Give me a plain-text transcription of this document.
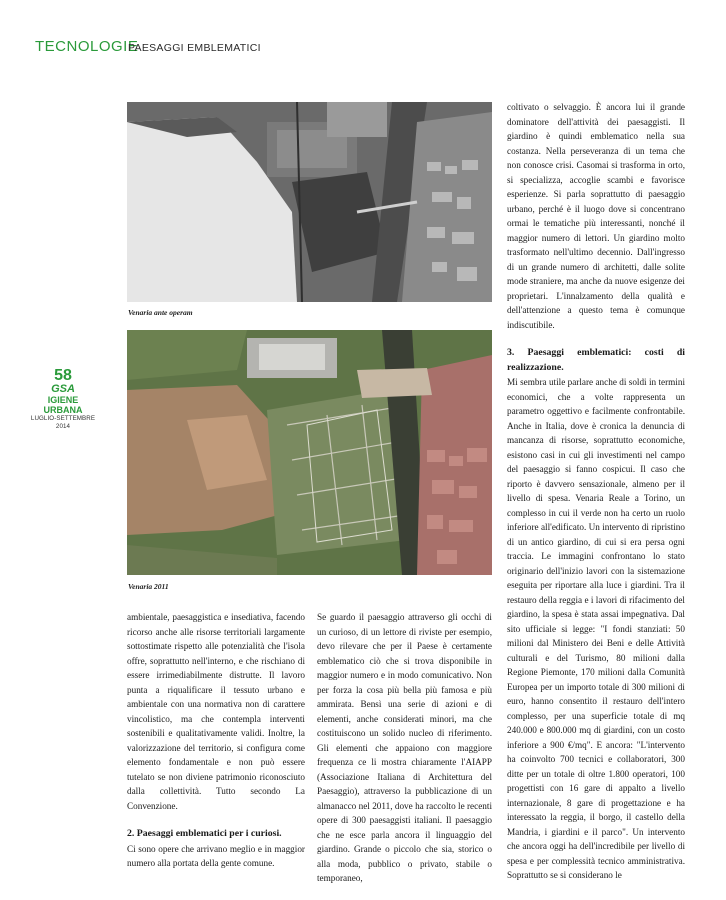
TECNOLOGIE
PAESAGGI EMBLEMATICI
58
GSA
IGIENE URBANA
LUGLIO-SETTEMBRE 2014
Venaria ante operam
Venaria 2011

ambientale, paesaggistica e insediativa, facendo ricorso anche alle risorse territoriali largamente sottostimate rispetto alle potenzialità che l'isola offre, soprattutto nell'interno, e che rischiano di essere irrimediabilmente distrutte. Il lavoro punta a riqualificare il tessuto urbano e ambientale con una normativa non di carattere vincolistico, ma che contempla interventi sostenibili e qualitativamente validi. Inoltre, la valorizzazione del territorio, si configura come elemento fondamentale e non può essere tutelato se non diviene patrimonio riconosciuto dalla collettività. Tutto secondo La Convenzione.

2. Paesaggi emblematici per i curiosi.

Ci sono opere che arrivano meglio e in maggior numero alla portata della gente comune.

Se guardo il paesaggio attraverso gli occhi di un curioso, di un lettore di riviste per esempio, devo rilevare che per il Paese è certamente emblematico ciò che si trova disponibile in maggior numero e in modo comunicativo. Non per forza la cosa più bella più famosa e più ammirata. Bensì una serie di azioni e di elementi, anche considerati minori, ma che costituiscono un solido nucleo di riferimento. Gli elementi che appaiono con maggiore frequenza ce li mostra chiaramente l'AIAPP (Associazione Italiana di Architettura del Paesaggio), attraverso la pubblicazione di un almanacco nel 2011, dove ha raccolto le recenti opere di 300 paesaggisti italiani. Il paesaggio che ne esce parla ancora il linguaggio del giardino. Grande o piccolo che sia, storico o alla moda, pubblico o privato, stabile o temporaneo,

coltivato o selvaggio. È ancora lui il grande dominatore dell'attività dei paesaggisti. Il giardino è quindi emblematico nella sua costanza. Nella perseveranza di un tema che non conosce crisi. Casomai si trasforma in orto, si specializza, accoglie scambi e favorisce esperienze. Si parla soprattutto di paesaggio urbano, perché è il luogo dove si concentrano ormai le tematiche più interessanti, nonché il maggior numero di lettori. Un giardino molto trasformato nell'ultimo decennio. Dall'ingresso di un grande numero di architetti, dalle solite mode straniere, ma anche da nuove esigenze dei proprietari. L'innalzamento della qualità e dell'attenzione a questo tema è comunque indiscutibile.

3. Paesaggi emblematici: costi di realizzazione.

Mi sembra utile parlare anche di soldi in termini economici, che a volte rappresenta un parametro oggettivo e facilmente confrontabile. Anche in Italia, dove è cronica la denuncia di mancanza di risorse, soprattutto economiche, esistono casi in cui gli investimenti nel campo del paesaggio si fanno cospicui. Il caso che riporto è davvero sensazionale, almeno per il livello di spesa. Venaria Reale a Torino, un complesso in cui il verde non ha certo un ruolo inferiore all'edificato. Un intervento di ripristino di un antico giardino, di cui si era persa ogni traccia. Le immagini confrontano lo stato originario dell'inizio lavori con la sistemazione eseguita per riportare alla luce i giardini. Tra il restauro della reggia e i lavori di rifacimento del giardino, la spesa è stata assai impegnativa. Dal sito ufficiale si legge: "I fondi stanziati: 50 milioni dal Ministero dei Beni e delle Attività culturali e del Turismo, 80 milioni dalla Regione Piemonte, 170 milioni dalla Comunità Europea per un importo totale di 300 milioni di euro, hanno consentito il restauro dell'intero complesso, per una superficie totale di mq 240.000 e 800.000 mq di giardini, con un costo inferiore a 900 €/mq". E ancora: "L'intervento ha coinvolto 700 tecnici e collaboratori, 300 ditte per un totale di oltre 1.800 operatori, 100 progettisti con 16 gare di appalto a livello internazionale, 8 gare di progettazione e ha interessato la reggia, il borgo, il castello della Mandria, i giardini e il parco". Un intervento che ancora oggi ha dell'incredibile per livello di spesa e per complessità tecnico amministrativa. Soprattutto se si considerano le
